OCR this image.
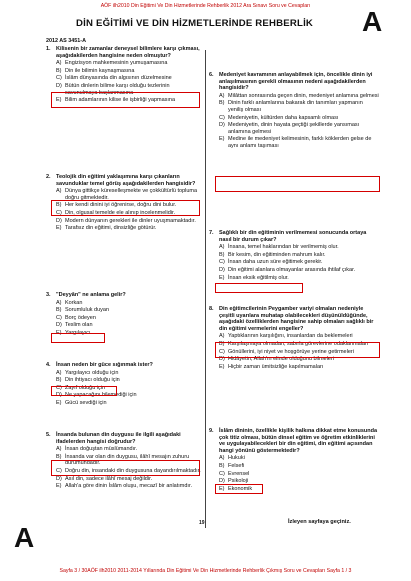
AÖF ilh2010 Din Eğitimi Ve Din Hizmetlerinde Rehberlik 2012 Ara Sınavı Soru ve Cevapları
DİN EĞİTİMİ VE DİN HİZMETLERİNDE REHBERLİK A
2012 AS 3451-A
1. Kilisenin bir zamanlar deneysel bilimlere karşı çıkması, aşağıdakilerden hangisine neden olmuştur?
A) Engizisyon mahkemesinin yumuşamasına
B) Din ile bilimin kaynaşmasına
C) İslâm dünyasında din algısının düzelmesine
D) Bütün dinlerin bilime karşı olduğu tezlerinin savunulmaya başlanmasına
E) Bilim adamlarının kilise ile işbirliği yapmasına
2. Teolojik din eğitimi yaklaşımına karşı çıkanların savunduklar temel görüş aşağıdakilerden hangisidir?
A) Dünya gittikçe küreselleşmekte ve çokkültürlü topluma doğru gitmektedir.
B) Her kendi dinini iyi öğrenirse, doğru dini bulur.
C) Din, olgusal temelde ele alınıp incelenmelidir.
D) Modern dünyanın gerekleri ile dinler uyuşmamaktadır.
E) Tarafsız din eğitimi, dinsizliğe götürür.
3. "Deyyân" ne anlama gelir?
A) Korkan
B) Sorumluluk duyan
C) Borç ödeyen
D) Teslim olan
E) Yargılayıcı
4. İnsan neden bir güce sığınmak ister?
A) Yargılayıcı olduğu için
B) Din ihtiyacı olduğu için
C) Zayıf olduğu için
D) Ne yapacağını bilemediği için
E) Gücü sevdiği için
5. İnsanda bulunan din duygusu ile ilgili aşağıdaki ifadelerden hangisi doğrudur?
A) İnsan doğuştan müslümandır.
B) İnsanda var olan din duygusu, ilâhî mesajın zuhuru durumundadır.
C) Doğru din, insandaki din duygusuna dayandırılmaktadır.
D) Asıl din, sadece ilâhî mesaj değildir.
E) Allah'a göre dinin İslâm oluşu, mecazî bir anlatımdır.
6. Medeniyet kavramının anlayabilmek için, öncelikle dinin iyi anlaşılmasının gerekli olmasının nedeni aşağıdakilerden hangisidir?
A) Milâttan sonrasında geçen dinin, medeniyet anlamına gelmesi
B) Dinin farklı anlamlarına bakarak din tanımları yapmanın yeniliş olması
C) Medeniyetin, kültürden daha kapsamlı olması
D) Medeniyetin, dinin hayata geçtiği şekillerde yansıması anlamına gelmesi
E) Medine ile medeniyet kelimesinin, farklı köklerden gelse de aynı anlamı taşıması
7. Sağlıklı bir din eğitiminin verilmemesi sonucunda ortaya nasıl bir durum çıkar?
A) İnsana, temel haklarından bir verilmemiş olur.
B) Bir kesim, din eğitiminden mahrum kalır.
C) İnsan daha uzun süre eğitimek gerekir.
D) Din eğitimi alanlara olmayanlar arasında ihtilaf çıkar.
E) İnsan eksik eğitilmiş olur.
8. Din eğitimcilerinin Peygamber variyi olmaları nedeniyle çeşitli uyarılara muhatap olabilecekleri düşünüldüğünde, aşağıdaki özelliklerden hangisine sahip olmaları sağlıklı bir din eğitimi vermelerini engeller?
A) Yaptıklarının karşılığını, insanlardan da beklemeleri
B) Karşılaşmaya olmadan, sabırla görevlerine odaklanmaları
C) Gönüllerini, iyi niyet ve hoşgörüye yerine getirmeleri
D) Hidâyetin, Allah'ın elinde olduğunu bilmeleri
E) Hiçbir zaman ümitsizliğe kapılmamaları
9. İslâm dininin, özellikle kişilik halkına dikkat etme konusunda çok titiz olması, bütün dinsel eğitim ve öğretim etkinliklerini ve uygulayabilecekleri bir din eğitimi, din eğitimi açısından hangi yönünü göstermektedir?
A) Hukuki
B) Felsefi
C) Evrensel
D) Psikoloji
E) Ekonomik
A	19	İzleyen sayfaya geçiniz.
Sayfa 3 / 30AÖF ilh2010 2011-2014 Yıllarında Din Eğitimi Ve Din Hizmetlerinde Rehberlik Çıkmış Soru ve Cevapları Sayfa 1 / 3
